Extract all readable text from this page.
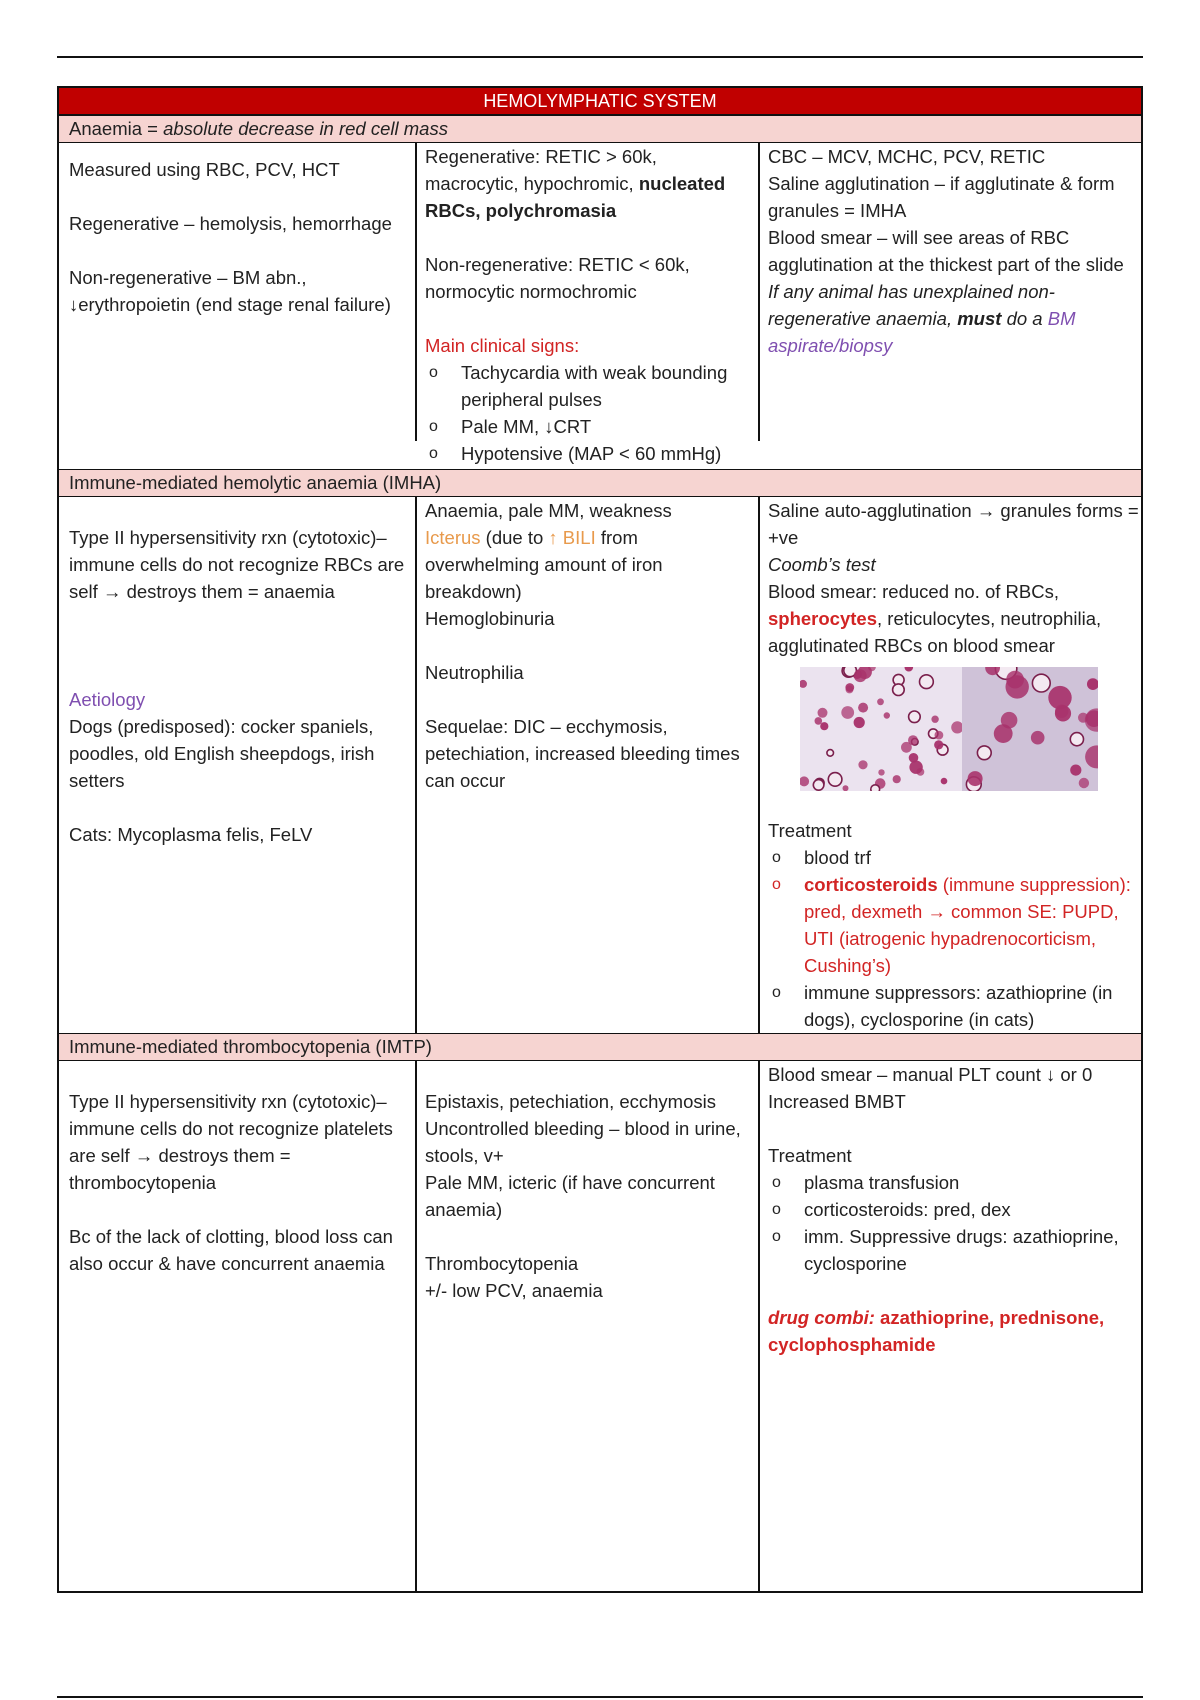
HEMOLYMPHATIC SYSTEM
Anaemia = absolute decrease in red cell mass
Measured using RBC, PCV, HCT
Regenerative – hemolysis, hemorrhage
Non-regenerative – BM abn., ↓erythropoietin (end stage renal failure)
Regenerative: RETIC > 60k, macrocytic, hypochromic, nucleated RBCs, polychromasia
Non-regenerative: RETIC < 60k, normocytic normochromic
Main clinical signs:
o Tachycardia with weak bounding peripheral pulses
o Pale MM, ↓CRT
o Hypotensive (MAP < 60 mmHg)
CBC – MCV, MCHC, PCV, RETIC
Saline agglutination – if agglutinate & form granules = IMHA
Blood smear – will see areas of RBC agglutination at the thickest part of the slide
If any animal has unexplained non-regenerative anaemia, must do a BM aspirate/biopsy
Immune-mediated hemolytic anaemia (IMHA)
Type II hypersensitivity rxn (cytotoxic)– immune cells do not recognize RBCs are self → destroys them = anaemia
Aetiology
Dogs (predisposed): cocker spaniels, poodles, old English sheepdogs, irish setters
Cats: Mycoplasma felis, FeLV
Anaemia, pale MM, weakness
Icterus (due to ↑ BILI from overwhelming amount of iron breakdown)
Hemoglobinuria
Neutrophilia
Sequelae: DIC – ecchymosis, petechiation, increased bleeding times can occur
Saline auto-agglutination → granules forms = +ve
Coomb’s test
Blood smear: reduced no. of RBCs, spherocytes, reticulocytes, neutrophilia, agglutinated RBCs on blood smear
Treatment
o blood trf
o corticosteroids (immune suppression): pred, dexmeth → common SE: PUPD, UTI (iatrogenic hypadrenocorticism, Cushing’s)
o immune suppressors: azathioprine (in dogs), cyclosporine (in cats)
Immune-mediated thrombocytopenia (IMTP)
Type II hypersensitivity rxn (cytotoxic)– immune cells do not recognize platelets are self → destroys them = thrombocytopenia
Bc of the lack of clotting, blood loss can also occur & have concurrent anaemia
Epistaxis, petechiation, ecchymosis
Uncontrolled bleeding – blood in urine, stools, v+
Pale MM, icteric (if have concurrent anaemia)
Thrombocytopenia
+/- low PCV, anaemia
Blood smear – manual PLT count ↓ or 0
Increased BMBT
Treatment
o plasma transfusion
o corticosteroids: pred, dex
o imm. Suppressive drugs: azathioprine, cyclosporine
drug combi: azathioprine, prednisone, cyclophosphamide
